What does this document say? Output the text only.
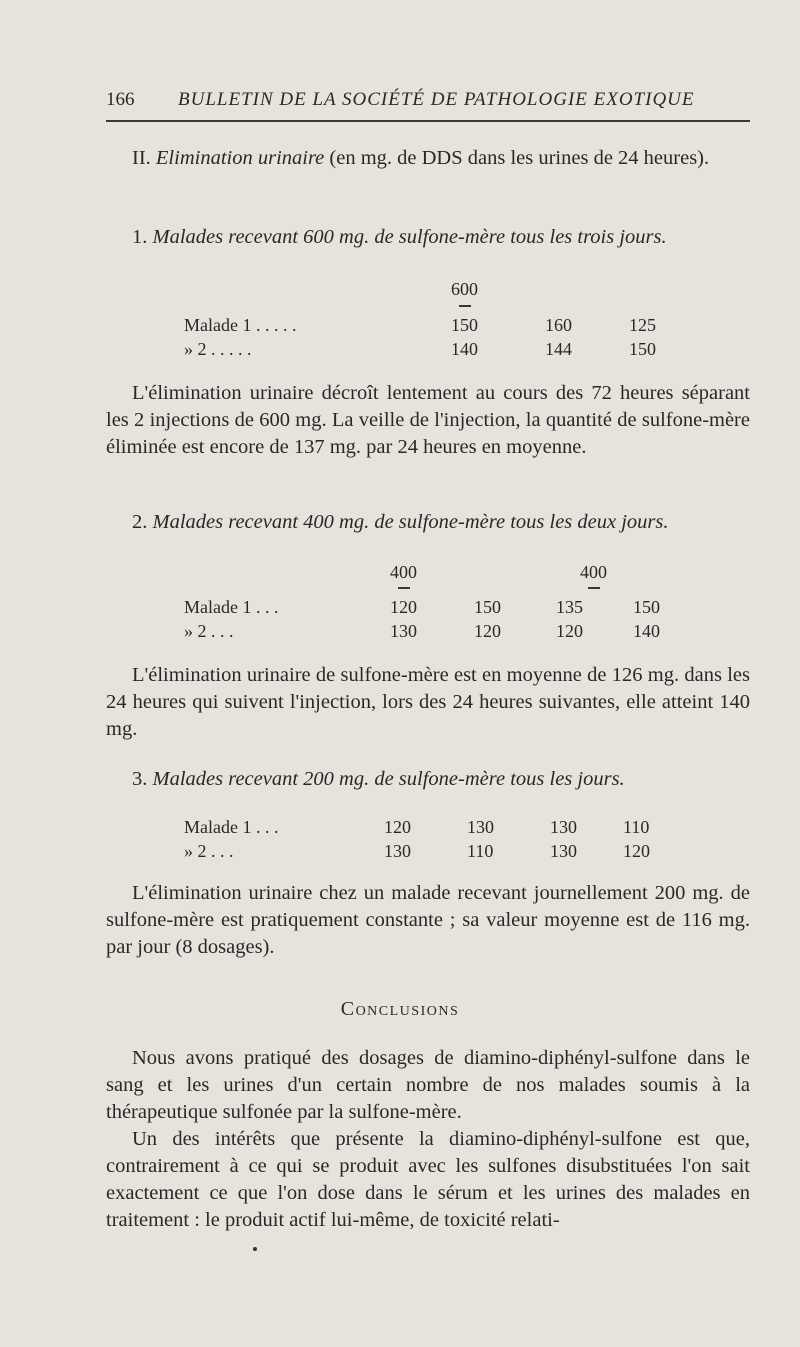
166 BULLETIN DE LA SOCIÉTÉ DE PATHOLOGIE EXOTIQUE

II. Elimination urinaire (en mg. de DDS dans les urines de 24 heures).

1. Malades recevant 600 mg. de sulfone-mère tous les trois jours.
600
Malade 1 . . . . .	150	160	125
» 2 . . . . .	140	144	150

L'élimination urinaire décroît lentement au cours des 72 heures séparant les 2 injections de 600 mg. La veille de l'injection, la quantité de sulfone-mère éliminée est encore de 137 mg. par 24 heures en moyenne.

2. Malades recevant 400 mg. de sulfone-mère tous les deux jours.
400	400
Malade 1 . . .	120	150	135	150
» 2 . . .	130	120	120	140

L'élimination urinaire de sulfone-mère est en moyenne de 126 mg. dans les 24 heures qui suivent l'injection, lors des 24 heures suivantes, elle atteint 140 mg.

3. Malades recevant 200 mg. de sulfone-mère tous les jours.
Malade 1 . . .	120	130	130	110
» 2 . . .	130	110	130	120

L'élimination urinaire chez un malade recevant journellement 200 mg. de sulfone-mère est pratiquement constante ; sa valeur moyenne est de 116 mg. par jour (8 dosages).

Conclusions

Nous avons pratiqué des dosages de diamino-diphényl-sulfone dans le sang et les urines d'un certain nombre de nos malades soumis à la thérapeutique sulfonée par la sulfone-mère.

Un des intérêts que présente la diamino-diphényl-sulfone est que, contrairement à ce qui se produit avec les sulfones disubstituées l'on sait exactement ce que l'on dose dans le sérum et les urines des malades en traitement : le produit actif lui-même, de toxicité relati-
